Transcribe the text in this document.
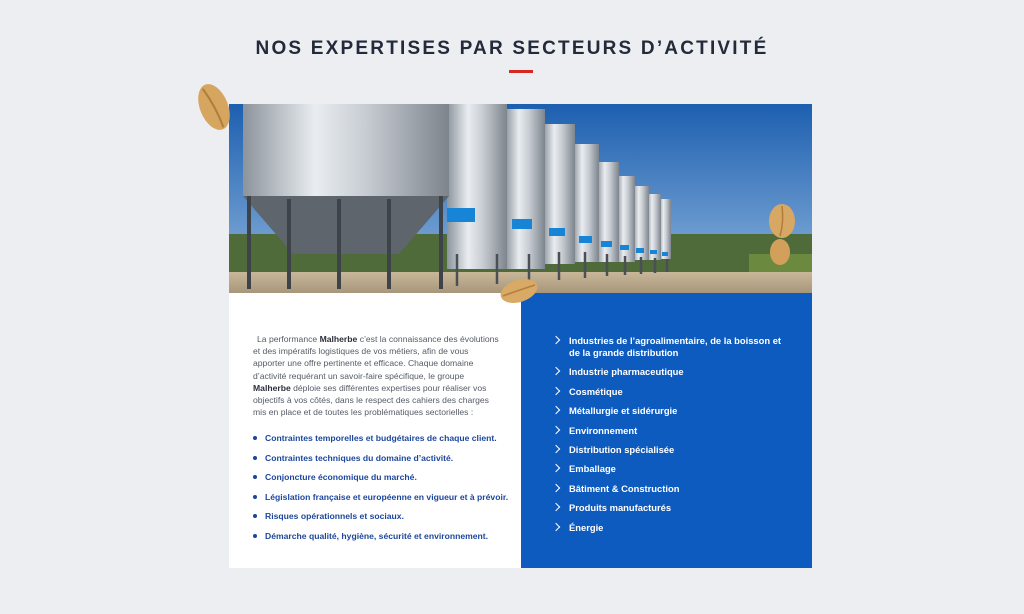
NOS EXPERTISES PAR SECTEURS D’ACTIVITÉ

La performance Malherbe c’est la connaissance des évolutions et des impératifs logistiques de vos métiers, afin de vous apporter une offre pertinente et efficace. Chaque domaine d’activité requérant un savoir-faire spécifique, le groupe Malherbe déploie ses différentes expertises pour réaliser vos objectifs à vos côtés, dans le respect des cahiers des charges mis en place et de toutes les problématiques sectorielles :

Contraintes temporelles et budgétaires de chaque client.
Contraintes techniques du domaine d’activité.
Conjoncture économique du marché.
Législation française et européenne en vigueur et à prévoir.
Risques opérationnels et sociaux.
Démarche qualité, hygiène, sécurité et environnement.
Industries de l’agroalimentaire, de la boisson et de la grande distribution
Industrie pharmaceutique
Cosmétique
Métallurgie et sidérurgie
Environnement
Distribution spécialisée
Emballage
Bâtiment & Construction
Produits manufacturés
Énergie
